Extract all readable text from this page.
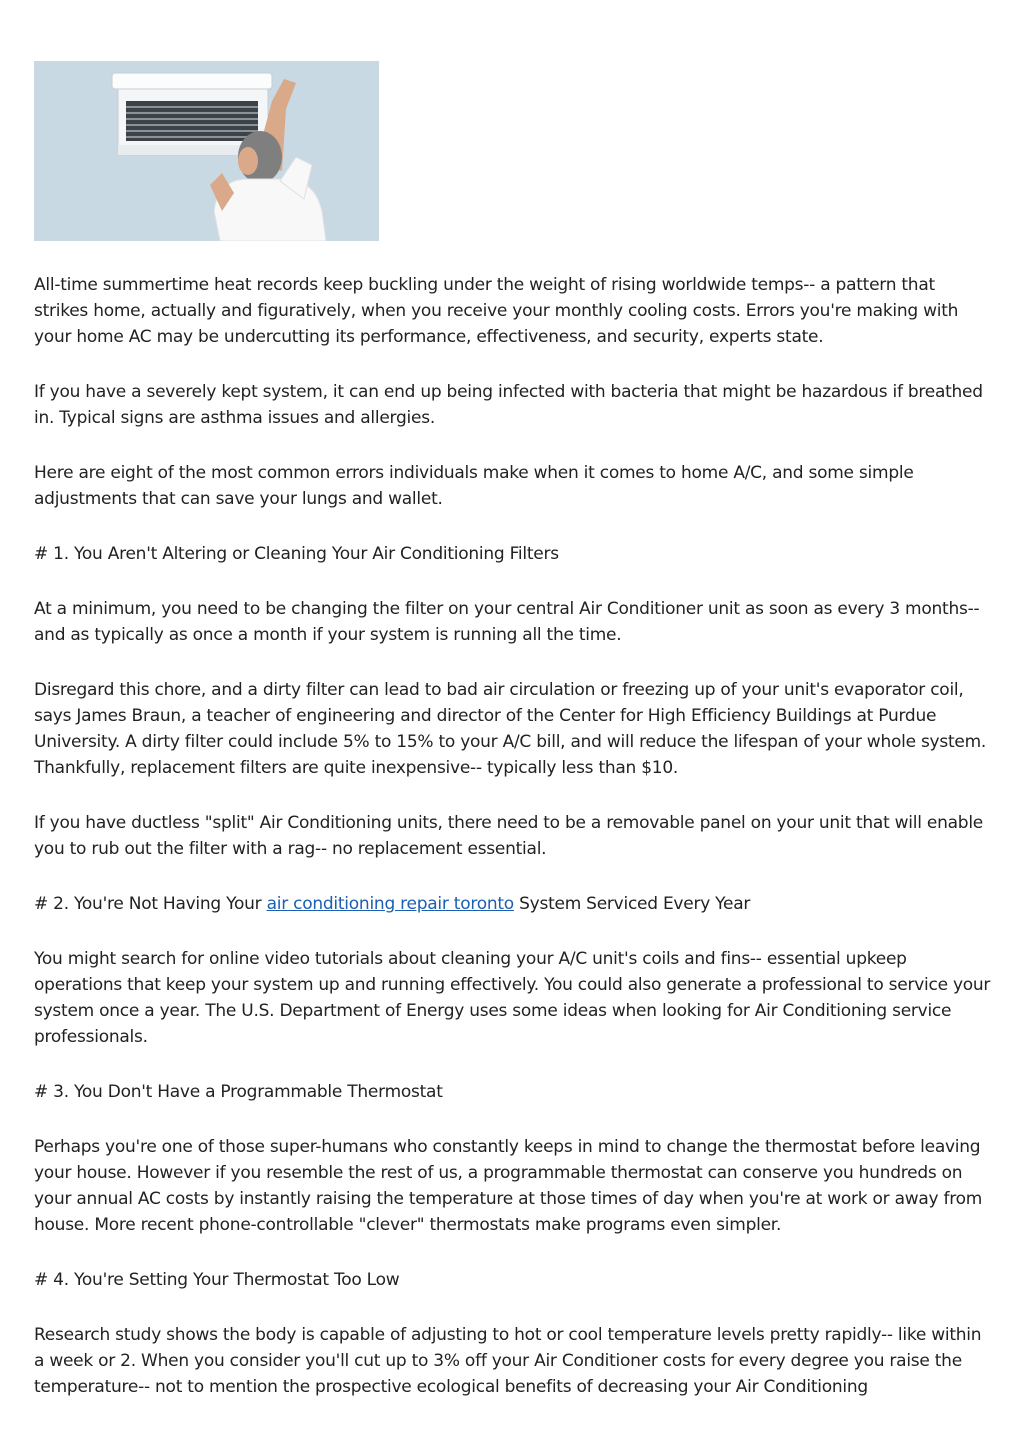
All-time summertime heat records keep buckling under the weight of rising worldwide temps-- a pattern that strikes home, actually and figuratively, when you receive your monthly cooling costs. Errors you're making with your home AC may be undercutting its performance, effectiveness, and security, experts state.

If you have a severely kept system, it can end up being infected with bacteria that might be hazardous if breathed in. Typical signs are asthma issues and allergies.

Here are eight of the most common errors individuals make when it comes to home A/C, and some simple adjustments that can save your lungs and wallet.

# 1. You Aren't Altering or Cleaning Your Air Conditioning Filters

At a minimum, you need to be changing the filter on your central Air Conditioner unit as soon as every 3 months-- and as typically as once a month if your system is running all the time.

Disregard this chore, and a dirty filter can lead to bad air circulation or freezing up of your unit's evaporator coil, says James Braun, a teacher of engineering and director of the Center for High Efficiency Buildings at Purdue University. A dirty filter could include 5% to 15% to your A/C bill, and will reduce the lifespan of your whole system. Thankfully, replacement filters are quite inexpensive-- typically less than $10.

If you have ductless "split" Air Conditioning units, there need to be a removable panel on your unit that will enable you to rub out the filter with a rag-- no replacement essential.

# 2. You're Not Having Your air conditioning repair toronto System Serviced Every Year

You might search for online video tutorials about cleaning your A/C unit's coils and fins-- essential upkeep operations that keep your system up and running effectively. You could also generate a professional to service your system once a year. The U.S. Department of Energy uses some ideas when looking for Air Conditioning service professionals.

# 3. You Don't Have a Programmable Thermostat

Perhaps you're one of those super-humans who constantly keeps in mind to change the thermostat before leaving your house. However if you resemble the rest of us, a programmable thermostat can conserve you hundreds on your annual AC costs by instantly raising the temperature at those times of day when you're at work or away from house. More recent phone-controllable "clever" thermostats make programs even simpler.

# 4. You're Setting Your Thermostat Too Low

Research study shows the body is capable of adjusting to hot or cool temperature levels pretty rapidly-- like within a week or 2. When you consider you'll cut up to 3% off your Air Conditioner costs for every degree you raise the temperature-- not to mention the prospective ecological benefits of decreasing your Air Conditioning
